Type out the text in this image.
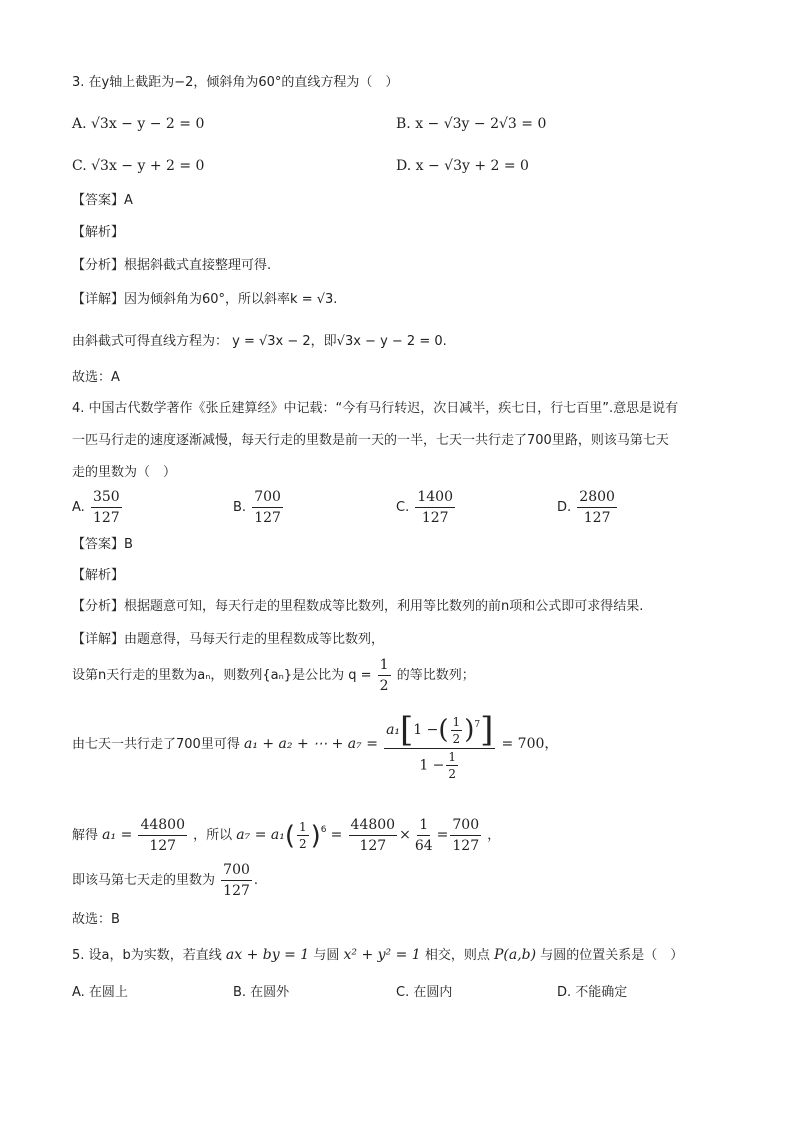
3. 在y轴上截距为−2，倾斜角为60°的直线方程为（　）
A. √3x − y − 2 = 0	B. x − √3y − 2√3 = 0
C. √3x − y + 2 = 0	D. x − √3y + 2 = 0
【答案】A
【解析】
【分析】根据斜截式直接整理可得.
【详解】因为倾斜角为60°，所以斜率k = √3.
由斜截式可得直线方程为： y = √3x − 2，即√3x − y − 2 = 0.
故选：A
4. 中国古代数学著作《张丘建算经》中记载：“今有马行转迟，次日减半，疾七日，行七百里”.意思是说有
一匹马行走的速度逐渐减慢，每天行走的里数是前一天的一半，七天一共行走了700里路，则该马第七天
走的里数为（　）
A. $\frac{350}{127}$	B. $\frac{700}{127}$	C. $\frac{1400}{127}$	D. $\frac{2800}{127}$
【答案】B
【解析】
【分析】根据题意可知，每天行走的里程数成等比数列，利用等比数列的前n项和公式即可求得结果.
【详解】由题意得，马每天行走的里程数成等比数列，
设第n天行走的里数为aₙ，则数列{aₙ}是公比为 $q = \frac{1}{2}$ 的等比数列；
由七天一共行走了700里可得 a₁ + a₂ + ⋯ + $a_7 = \frac{a_1[1 -( \frac{1}{2} )^7]}{1 - \frac{1}{2}} = 700$，
解得 $a_1 = \frac{44800}{127}$ ，所以 $a_7 = a_1( \frac{1}{2} )^6 = \frac{44800}{127} \times \frac{1}{64} = \frac{700}{127}$ ，
即该马第七天走的里数为 $\frac{700}{127}$ .
故选：B
5. 设a，b为实数，若直线 ax + by = 1 与圆 x² + y² = 1 相交，则点 P(a,b) 与圆的位置关系是（　）
A. 在圆上	B. 在圆外	C. 在圆内	D. 不能确定
